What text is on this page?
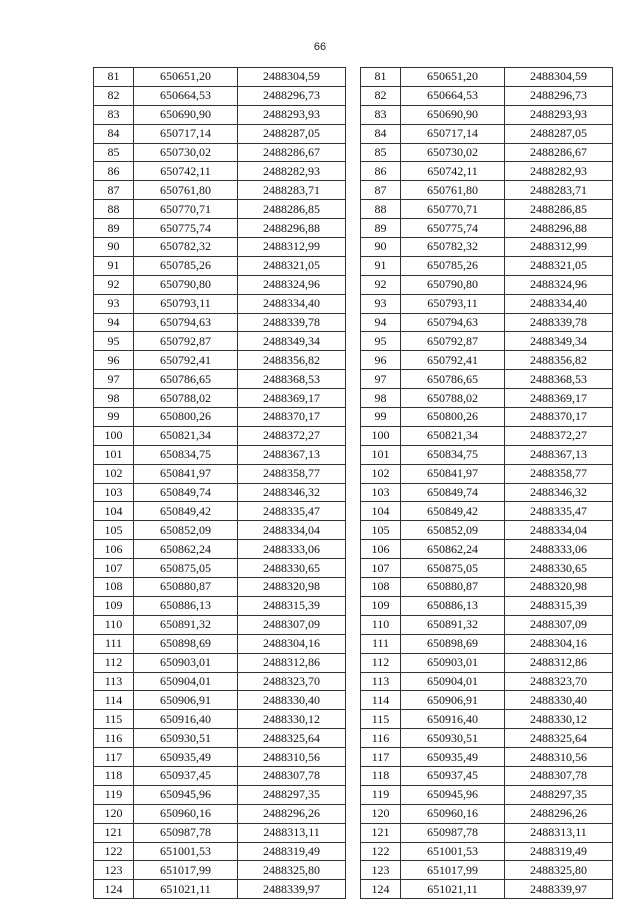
66
81	650651,20	2488304,59
82	650664,53	2488296,73
83	650690,90	2488293,93
84	650717,14	2488287,05
85	650730,02	2488286,67
86	650742,11	2488282,93
87	650761,80	2488283,71
88	650770,71	2488286,85
89	650775,74	2488296,88
90	650782,32	2488312,99
91	650785,26	2488321,05
92	650790,80	2488324,96
93	650793,11	2488334,40
94	650794,63	2488339,78
95	650792,87	2488349,34
96	650792,41	2488356,82
97	650786,65	2488368,53
98	650788,02	2488369,17
99	650800,26	2488370,17
100	650821,34	2488372,27
101	650834,75	2488367,13
102	650841,97	2488358,77
103	650849,74	2488346,32
104	650849,42	2488335,47
105	650852,09	2488334,04
106	650862,24	2488333,06
107	650875,05	2488330,65
108	650880,87	2488320,98
109	650886,13	2488315,39
110	650891,32	2488307,09
111	650898,69	2488304,16
112	650903,01	2488312,86
113	650904,01	2488323,70
114	650906,91	2488330,40
115	650916,40	2488330,12
116	650930,51	2488325,64
117	650935,49	2488310,56
118	650937,45	2488307,78
119	650945,96	2488297,35
120	650960,16	2488296,26
121	650987,78	2488313,11
122	651001,53	2488319,49
123	651017,99	2488325,80
124	651021,11	2488339,97
81	650651,20	2488304,59
82	650664,53	2488296,73
83	650690,90	2488293,93
84	650717,14	2488287,05
85	650730,02	2488286,67
86	650742,11	2488282,93
87	650761,80	2488283,71
88	650770,71	2488286,85
89	650775,74	2488296,88
90	650782,32	2488312,99
91	650785,26	2488321,05
92	650790,80	2488324,96
93	650793,11	2488334,40
94	650794,63	2488339,78
95	650792,87	2488349,34
96	650792,41	2488356,82
97	650786,65	2488368,53
98	650788,02	2488369,17
99	650800,26	2488370,17
100	650821,34	2488372,27
101	650834,75	2488367,13
102	650841,97	2488358,77
103	650849,74	2488346,32
104	650849,42	2488335,47
105	650852,09	2488334,04
106	650862,24	2488333,06
107	650875,05	2488330,65
108	650880,87	2488320,98
109	650886,13	2488315,39
110	650891,32	2488307,09
111	650898,69	2488304,16
112	650903,01	2488312,86
113	650904,01	2488323,70
114	650906,91	2488330,40
115	650916,40	2488330,12
116	650930,51	2488325,64
117	650935,49	2488310,56
118	650937,45	2488307,78
119	650945,96	2488297,35
120	650960,16	2488296,26
121	650987,78	2488313,11
122	651001,53	2488319,49
123	651017,99	2488325,80
124	651021,11	2488339,97
